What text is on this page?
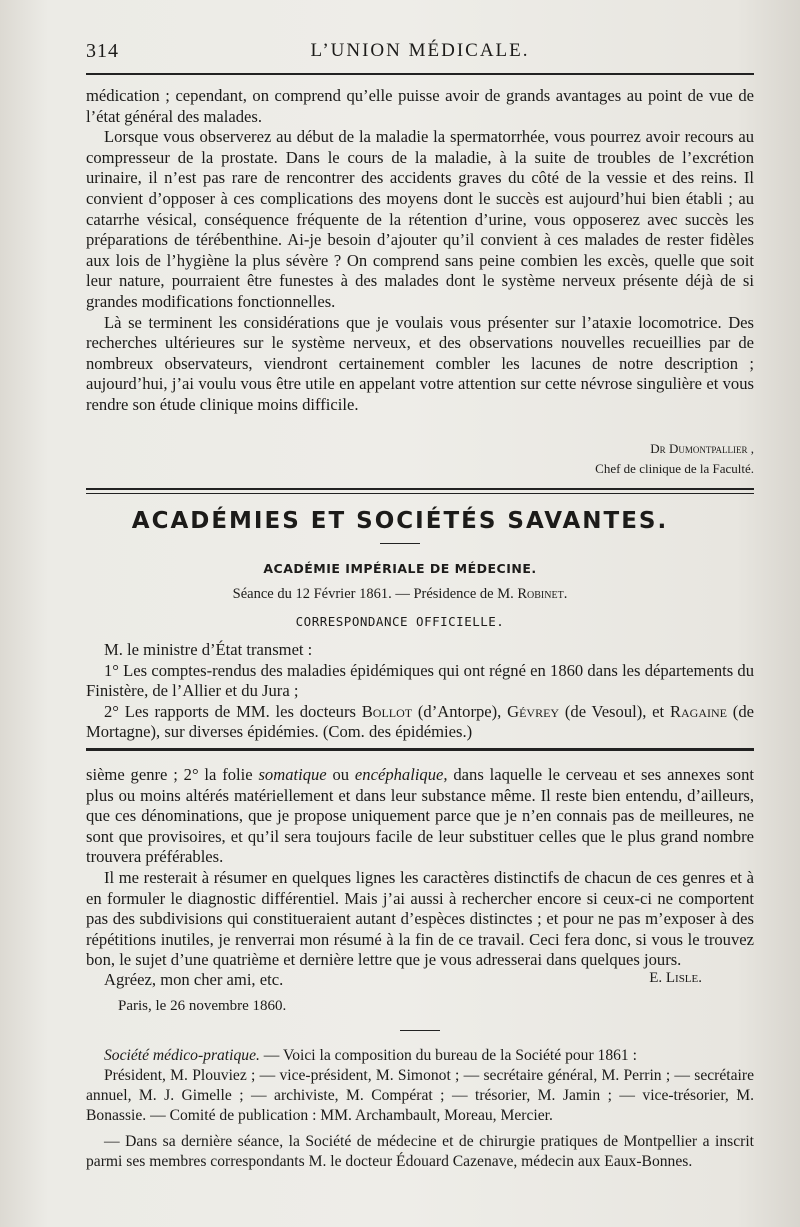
L’UNION MÉDICALE.
314

médication ; cependant, on comprend qu’elle puisse avoir de grands avantages au point de vue de l’état général des malades.

Lorsque vous observerez au début de la maladie la spermatorrhée, vous pourrez avoir recours au compresseur de la prostate. Dans le cours de la maladie, à la suite de troubles de l’excrétion urinaire, il n’est pas rare de rencontrer des accidents graves du côté de la vessie et des reins. Il convient d’opposer à ces complications des moyens dont le succès est aujourd’hui bien établi ; au catarrhe vésical, conséquence fréquente de la rétention d’urine, vous opposerez avec succès les préparations de térébenthine. Ai-je besoin d’ajouter qu’il convient à ces malades de rester fidèles aux lois de l’hygiène la plus sévère ? On comprend sans peine combien les excès, quelle que soit leur nature, pourraient être funestes à des malades dont le système nerveux présente déjà de si grandes modifications fonctionnelles.

Là se terminent les considérations que je voulais vous présenter sur l’ataxie locomotrice. Des recherches ultérieures sur le système nerveux, et des observations nouvelles recueillies par de nombreux observateurs, viendront certainement combler les lacunes de notre description ; aujourd’hui, j’ai voulu vous être utile en appelant votre attention sur cette névrose singulière et vous rendre son étude clinique moins difficile.

Dr Dumontpallier ,
Chef de clinique de la Faculté.
ACADÉMIES ET SOCIÉTÉS SAVANTES.
ACADÉMIE IMPÉRIALE DE MÉDECINE.
Séance du 12 Février 1861. — Présidence de M. Robinet.
CORRESPONDANCE OFFICIELLE.

M. le ministre d’État transmet :

1° Les comptes-rendus des maladies épidémiques qui ont régné en 1860 dans les départements du Finistère, de l’Allier et du Jura ;

2° Les rapports de MM. les docteurs Bollot (d’Antorpe), Gévrey (de Vesoul), et Ragaine (de Mortagne), sur diverses épidémies. (Com. des épidémies.)

sième genre ; 2° la folie somatique ou encéphalique, dans laquelle le cerveau et ses annexes sont plus ou moins altérés matériellement et dans leur substance même. Il reste bien entendu, d’ailleurs, que ces dénominations, que je propose uniquement parce que je n’en connais pas de meilleures, ne sont que provisoires, et qu’il sera toujours facile de leur substituer celles que le plus grand nombre trouvera préférables.

Il me resterait à résumer en quelques lignes les caractères distinctifs de chacun de ces genres et à en formuler le diagnostic différentiel. Mais j’ai aussi à rechercher encore si ceux-ci ne comportent pas des subdivisions qui constitueraient autant d’espèces distinctes ; et pour ne pas m’exposer à des répétitions inutiles, je renverrai mon résumé à la fin de ce travail. Ceci fera donc, si vous le trouvez bon, le sujet d’une quatrième et dernière lettre que je vous adresserai dans quelques jours.

Agréez, mon cher ami, etc.	E. Lisle.
Paris, le 26 novembre 1860.

Société médico-pratique. — Voici la composition du bureau de la Société pour 1861 :

Président, M. Plouviez ; — vice-président, M. Simonot ; — secrétaire général, M. Perrin ; — secrétaire annuel, M. J. Gimelle ; — archiviste, M. Compérat ; — trésorier, M. Jamin ; — vice-trésorier, M. Bonassie. — Comité de publication : MM. Archambault, Moreau, Mercier.

— Dans sa dernière séance, la Société de médecine et de chirurgie pratiques de Montpellier a inscrit parmi ses membres correspondants M. le docteur Édouard Cazenave, médecin aux Eaux-Bonnes.
